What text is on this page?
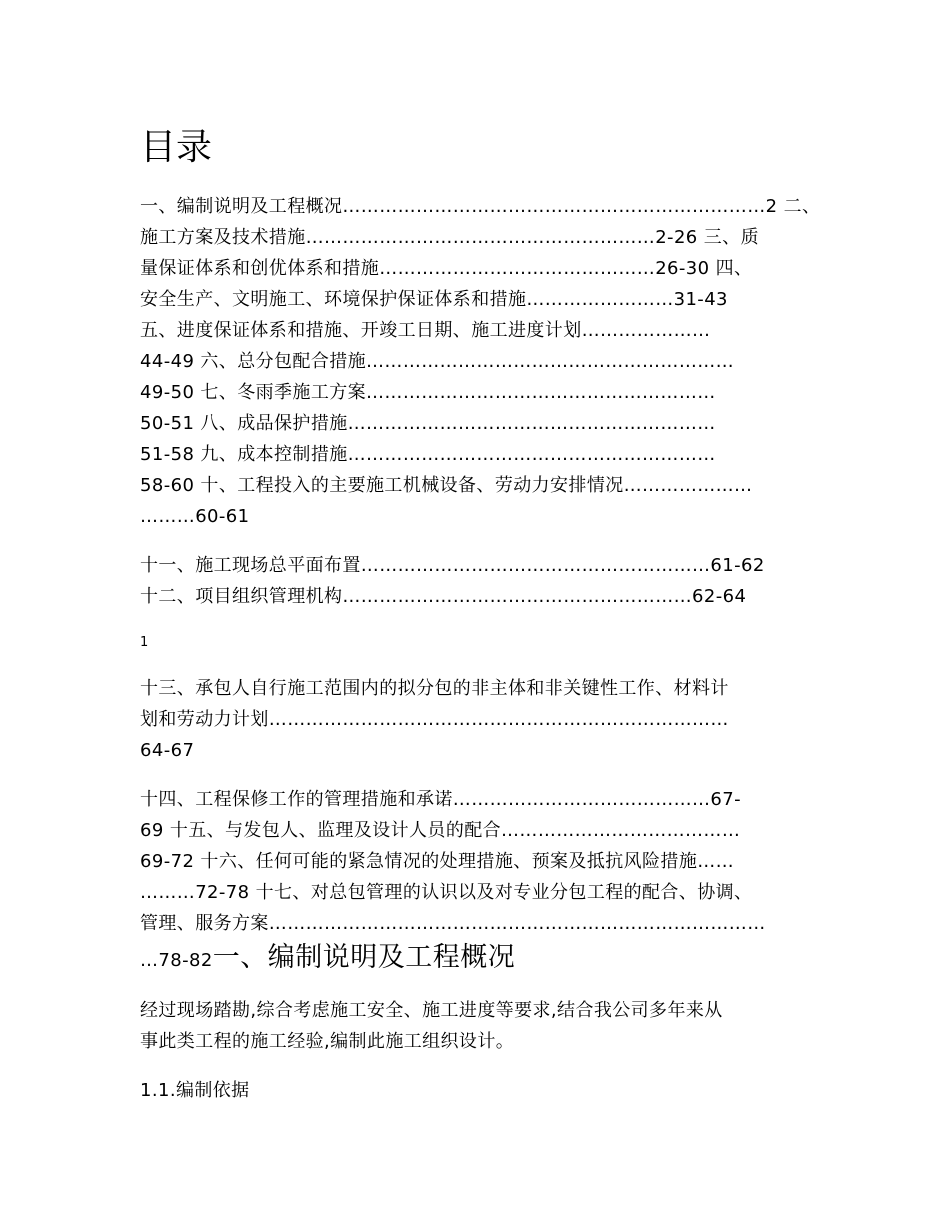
目录
一、编制说明及工程概况……………………………………………………………2 二、
施工方案及技术措施…………………………………………………2-26 三、质
量保证体系和创优体系和措施………………………………………26-30 四、
安全生产、文明施工、环境保护保证体系和措施……………………31-43
五、进度保证体系和措施、开竣工日期、施工进度计划…………………
44-49 六、总分包配合措施……………………………………………………
49-50 七、冬雨季施工方案…………………………………………………
50-51 八、成品保护措施……………………………………………………
51-58 九、成本控制措施……………………………………………………
58-60 十、工程投入的主要施工机械设备、劳动力安排情况…………………
………60-61
十一、施工现场总平面布置…………………………………………………61-62
十二、项目组织管理机构…………………………………………………62-64
1
十三、承包人自行施工范围内的拟分包的非主体和非关键性工作、材料计
划和劳动力计划…………………………………………………………………
64-67
十四、工程保修工作的管理措施和承诺……………………………………67-
69 十五、与发包人、监理及设计人员的配合…………………………………
69-72 十六、任何可能的紧急情况的处理措施、预案及抵抗风险措施……
………72-78 十七、对总包管理的认识以及对专业分包工程的配合、协调、
管理、服务方案………………………………………………………………………
…78-82一、编制说明及工程概况
经过现场踏勘,综合考虑施工安全、施工进度等要求,结合我公司多年来从
事此类工程的施工经验,编制此施工组织设计。
1.1.编制依据
